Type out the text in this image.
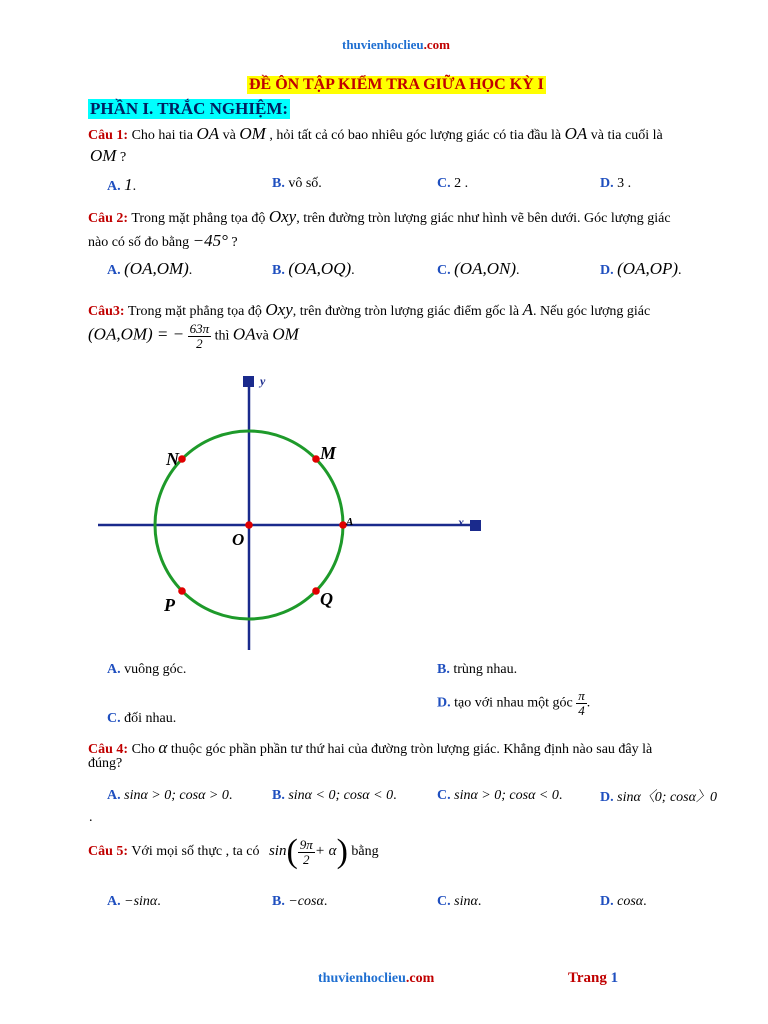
thuvienhoclieu.com
ĐỀ ÔN TẬP KIỂM TRA GIỮA HỌC KỲ I
PHẦN I. TRẮC NGHIỆM:
Câu 1: Cho hai tia OA và OM , hỏi tất cả có bao nhiêu góc lượng giác có tia đầu là OA và tia cuối là
OM ?
A. 1.	B. vô số.	C. 2 .	D. 3 .
Câu 2: Trong mặt phẳng tọa độ Oxy, trên đường tròn lượng giác như hình vẽ bên dưới. Góc lượng giác
nào có số đo bằng −45° ?
A. (OA,OM).	B. (OA,OQ).	C. (OA,ON).	D. (OA,OP).
Câu3: Trong mặt phẳng tọa độ Oxy, trên đường tròn lượng giác điểm gốc là A. Nếu góc lượng giác
(OA,OM) = − $\frac{63\pi}{2}$ thì OAvà OM
y
x
O
A
M
N
P	Q
A. vuông góc.	B. trùng nhau.
C. đối nhau.
D. tạo với nhau một góc $\frac{\pi}{4}$ .
Câu 4: Cho α thuộc góc phần phần tư thứ hai của đường tròn lượng giác. Khẳng định nào sau đây là
đúng?
A. sinα > 0; cosα > 0.	B. sinα < 0; cosα < 0.	C. sinα > 0; cosα < 0.	D. sinα〈0; cosα〉0
.
Câu 5: Với mọi số thực , ta có $\sin( \frac{9\pi}{2} + \alpha)$ bằng
A. −sinα.	B. −cosα.	C. sinα.	D. cosα.
thuvienhoclieu.com	Trang 1
